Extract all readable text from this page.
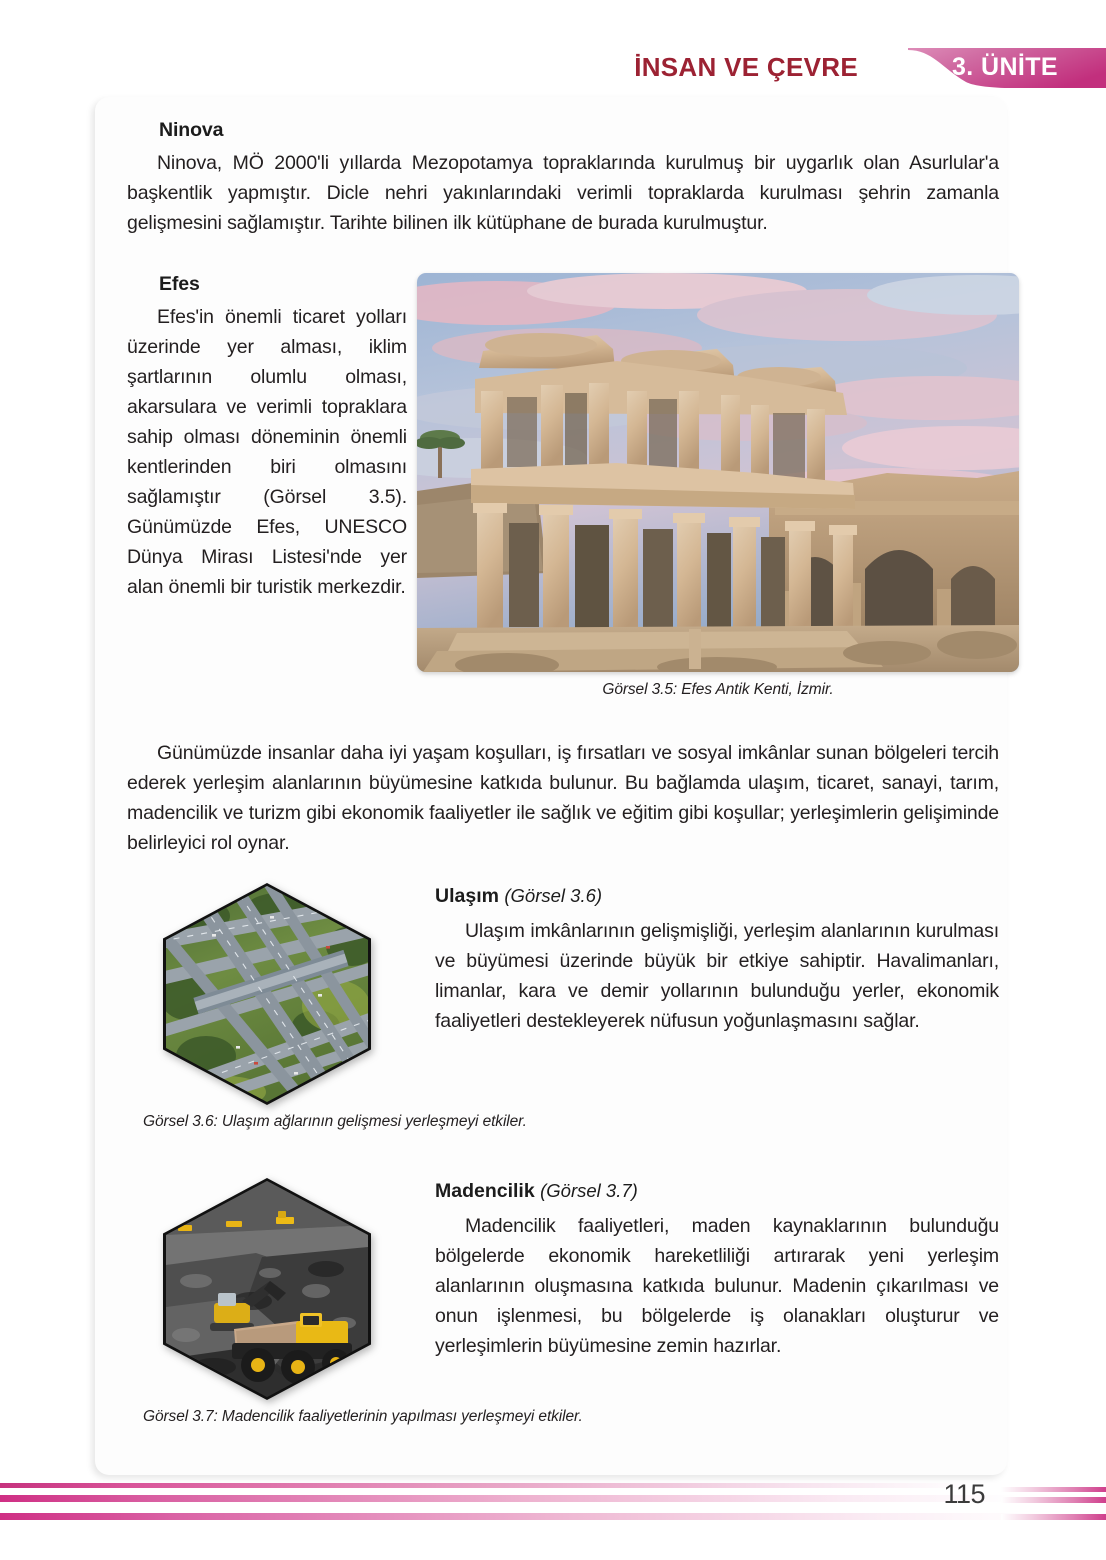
İNSAN VE ÇEVRE	3. ÜNİTE
Ninova

Ninova, MÖ 2000'li yıllarda Mezopotamya topraklarında kurulmuş bir uygarlık olan Asurlular'a başkentlik yapmıştır. Dicle nehri yakınlarındaki verimli topraklarda kurulması şehrin zamanla gelişmesini sağlamıştır. Tarihte bilinen ilk kütüphane de burada kurulmuştur.

Efes

Efes'in önemli ticaret yolları üzerinde yer alması, iklim şartlarının olumlu olması, akarsulara ve verimli topraklara sahip olması döneminin önemli kentlerinden biri olmasını sağlamıştır (Görsel 3.5). Günümüzde Efes, UNESCO Dünya Mirası Listesi'nde yer alan önemli bir turistik merkezdir.

Görsel 3.5: Efes Antik Kenti, İzmir.

Günümüzde insanlar daha iyi yaşam koşulları, iş fırsatları ve sosyal imkânlar sunan bölgeleri tercih ederek yerleşim alanlarının büyümesine katkıda bulunur. Bu bağlamda ulaşım, ticaret, sanayi, tarım, madencilik ve turizm gibi ekonomik faaliyetler ile sağlık ve eğitim gibi koşullar; yerleşimlerin gelişiminde belirleyici rol oynar.

Görsel 3.6: Ulaşım ağlarının gelişmesi yerleşmeyi etkiler.
Ulaşım (Görsel 3.6)

Ulaşım imkânlarının gelişmişliği, yerleşim alanlarının kurulması ve büyümesi üzerinde büyük bir etkiye sahiptir. Havalimanları, limanlar, kara ve demir yollarının bulunduğu yerler, ekonomik faaliyetleri destekleyerek nüfusun yoğunlaşmasını sağlar.

Görsel 3.7: Madencilik faaliyetlerinin yapılması yerleşmeyi etkiler.
Madencilik (Görsel 3.7)

Madencilik faaliyetleri, maden kaynaklarının bulunduğu bölgelerde ekonomik hareketliliği artırarak yeni yerleşim alanlarının oluşmasına katkıda bulunur. Madenin çıkarılması ve onun işlenmesi, bu bölgelerde iş olanakları oluşturur ve yerleşimlerin büyümesine zemin hazırlar.

115
